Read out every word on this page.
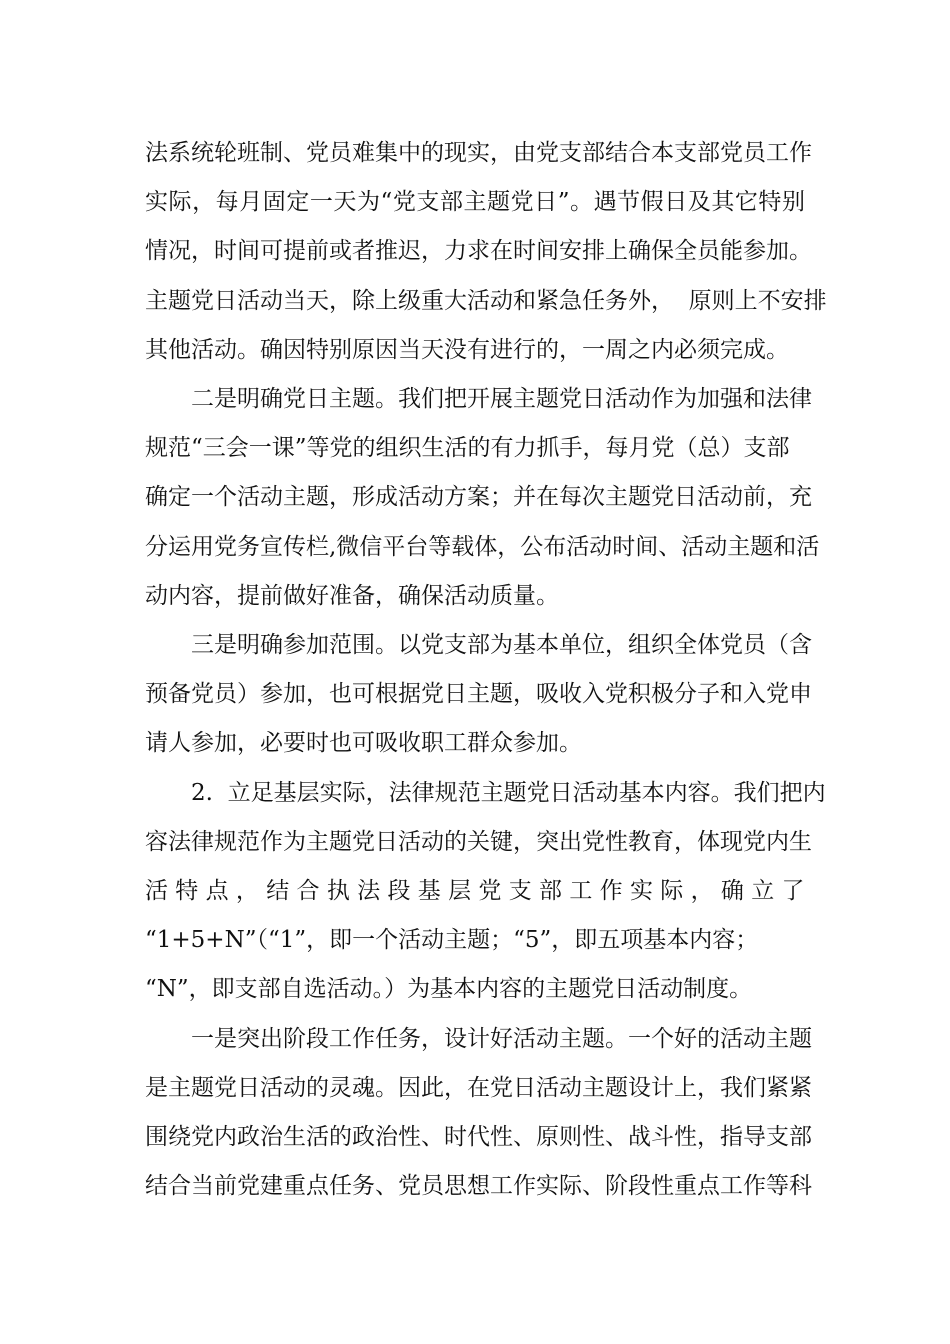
法系统轮班制、党员难集中的现实，由党支部结合本支部党员工作
实际，每月固定一天为“党支部主题党日”。遇节假日及其它特别
情况，时间可提前或者推迟，力求在时间安排上确保全员能参加。
主题党日活动当天，除上级重大活动和紧急任务外，  原则上不安排
其他活动。确因特别原因当天没有进行的，一周之内必须完成。
二是明确党日主题。我们把开展主题党日活动作为加强和法律
规范“三会一课”等党的组织生活的有力抓手，每月党（总）支部
确定一个活动主题，形成活动方案；并在每次主题党日活动前，充
分运用党务宣传栏,微信平台等载体，公布活动时间、活动主题和活
动内容，提前做好准备，确保活动质量。
三是明确参加范围。以党支部为基本单位，组织全体党员（含
预备党员）参加，也可根据党日主题，吸收入党积极分子和入党申
请人参加，必要时也可吸收职工群众参加。
2.  立足基层实际，法律规范主题党日活动基本内容。我们把内
容法律规范作为主题党日活动的关键，突出党性教育，体现党内生
活 特 点 ， 结 合 执 法 段 基 层 党 支 部 工 作 实 际 ， 确 立 了
“1+5+N”（“1”，即一个活动主题；“5”，即五项基本内容；
“N”，即支部自选活动。）为基本内容的主题党日活动制度。
一是突出阶段工作任务，设计好活动主题。一个好的活动主题
是主题党日活动的灵魂。因此，在党日活动主题设计上，我们紧紧
围绕党内政治生活的政治性、时代性、原则性、战斗性，指导支部
结合当前党建重点任务、党员思想工作实际、阶段性重点工作等科
